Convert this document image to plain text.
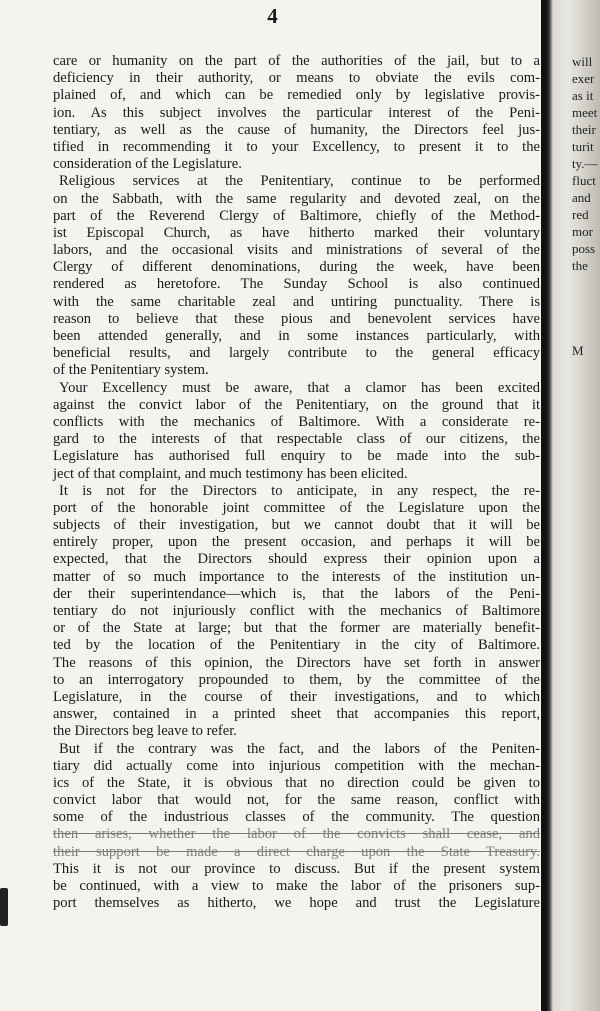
4
care or humanity on the part of the authorities of the jail, but to a
deficiency in their authority, or means to obviate the evils com-
plained of, and which can be remedied only by legislative provis-
ion. As this subject involves the particular interest of the Peni-
tentiary, as well as the cause of humanity, the Directors feel jus-
tified in recommending it to your Excellency, to present it to the
consideration of the Legislature.
Religious services at the Penitentiary, continue to be performed
on the Sabbath, with the same regularity and devoted zeal, on the
part of the Reverend Clergy of Baltimore, chiefly of the Method-
ist Episcopal Church, as have hitherto marked their voluntary
labors, and the occasional visits and ministrations of several of the
Clergy of different denominations, during the week, have been
rendered as heretofore. The Sunday School is also continued
with the same charitable zeal and untiring punctuality. There is
reason to believe that these pious and benevolent services have
been attended generally, and in some instances particularly, with
beneficial results, and largely contribute to the general efficacy
of the Penitentiary system.
Your Excellency must be aware, that a clamor has been excited
against the convict labor of the Penitentiary, on the ground that it
conflicts with the mechanics of Baltimore. With a considerate re-
gard to the interests of that respectable class of our citizens, the
Legislature has authorised full enquiry to be made into the sub-
ject of that complaint, and much testimony has been elicited.
It is not for the Directors to anticipate, in any respect, the re-
port of the honorable joint committee of the Legislature upon the
subjects of their investigation, but we cannot doubt that it will be
entirely proper, upon the present occasion, and perhaps it will be
expected, that the Directors should express their opinion upon a
matter of so much importance to the interests of the institution un-
der their superintendance—which is, that the labors of the Peni-
tentiary do not injuriously conflict with the mechanics of Baltimore
or of the State at large; but that the former are materially benefit-
ted by the location of the Penitentiary in the city of Baltimore.
The reasons of this opinion, the Directors have set forth in answer
to an interrogatory propounded to them, by the committee of the
Legislature, in the course of their investigations, and to which
answer, contained in a printed sheet that accompanies this report,
the Directors beg leave to refer.
But if the contrary was the fact, and the labors of the Peniten-
tiary did actually come into injurious competition with the mechan-
ics of the State, it is obvious that no direction could be given to
convict labor that would not, for the same reason, conflict with
some of the industrious classes of the community. The question
then arises, whether the labor of the convicts shall cease, and
their support be made a direct charge upon the State Treasury.
This it is not our province to discuss. But if the present system
be continued, with a view to make the labor of the prisoners sup-
port themselves as hitherto, we hope and trust the Legislature
will
exer
as it
meet
their
turit
ty.—
fluct
and
red
mor
poss
the
M
